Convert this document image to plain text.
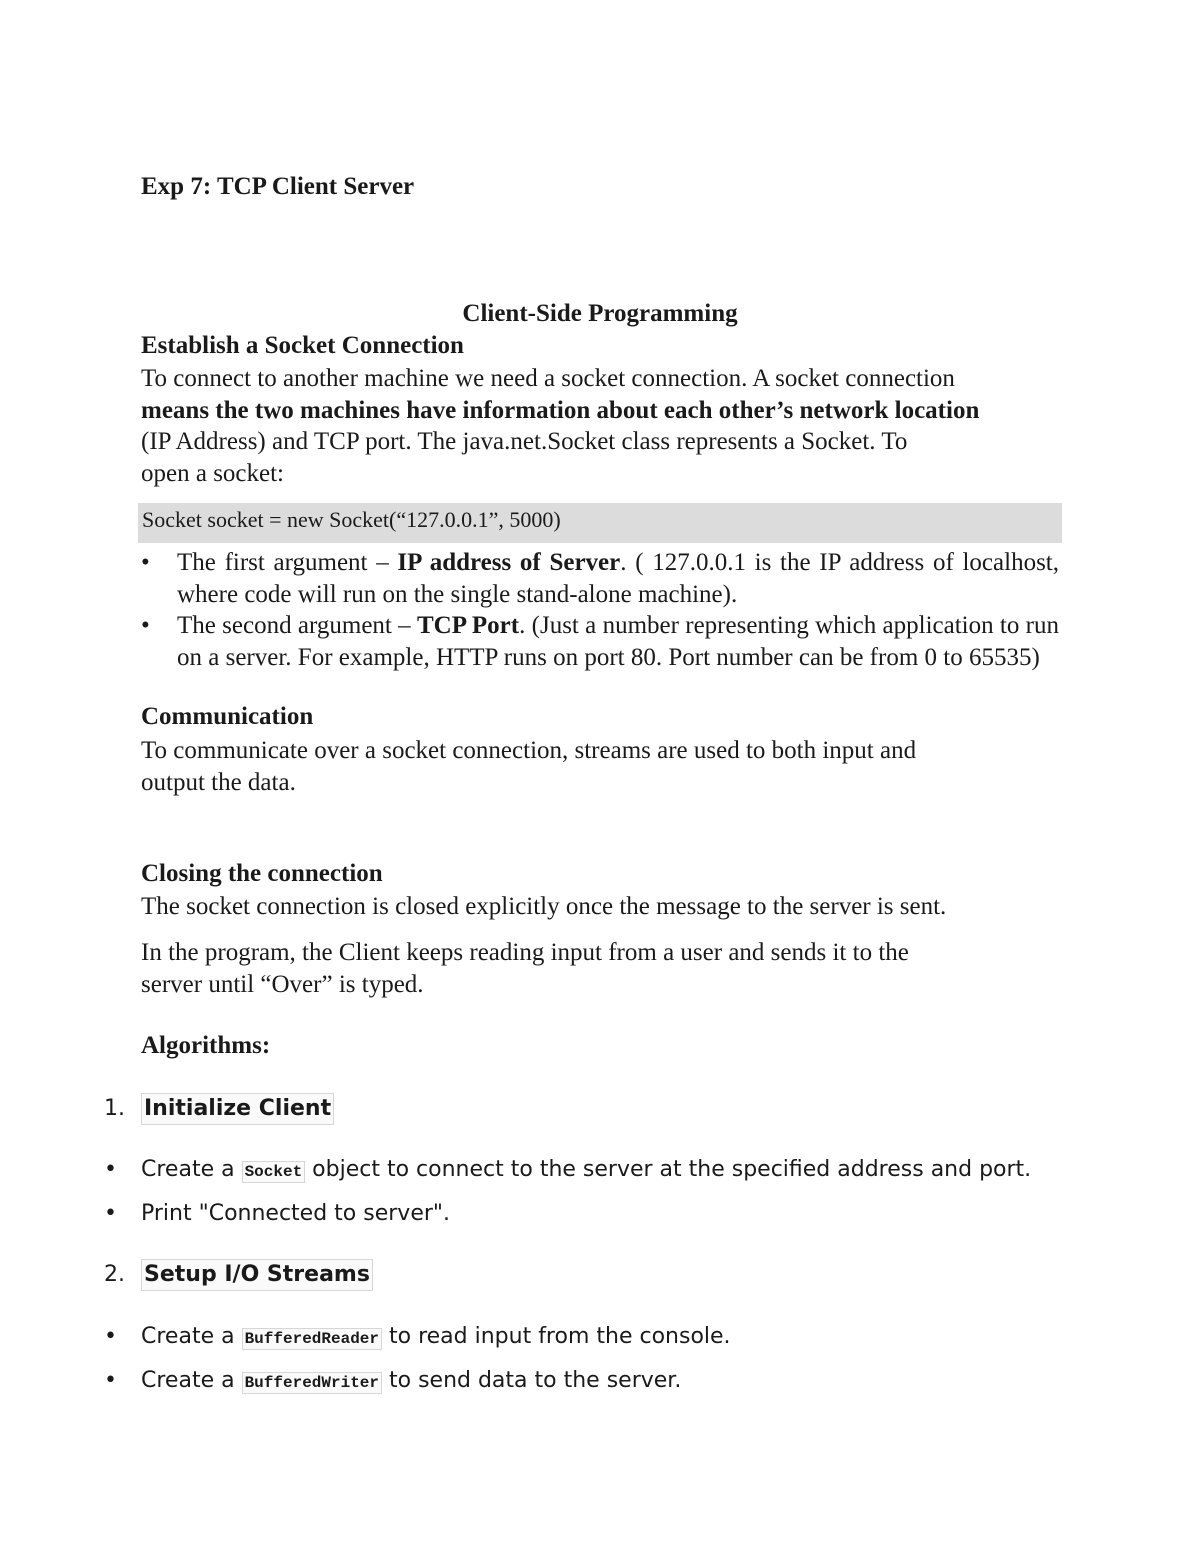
Exp 7: TCP Client Server
Client-Side Programming
Establish a Socket Connection
To connect to another machine we need a socket connection. A socket connection
means the two machines have information about each other’s network location
(IP Address) and TCP port. The java.net.Socket class represents a Socket. To
open a socket:
Socket socket = new Socket(“127.0.0.1”, 5000)
• The first argument – IP address of Server. ( 127.0.0.1 is the IP address of localhost, where code will run on the single stand-alone machine).
• The second argument – TCP Port. (Just a number representing which application to run on a server. For example, HTTP runs on port 80. Port number can be from 0 to 65535)
Communication
To communicate over a socket connection, streams are used to both input and
output the data.
Closing the connection
The socket connection is closed explicitly once the message to the server is sent.
In the program, the Client keeps reading input from a user and sends it to the
server until “Over” is typed.
Algorithms:
1. Initialize Client
• Create a Socket object to connect to the server at the specified address and port.
• Print "Connected to server".
2. Setup I/O Streams
• Create a BufferedReader to read input from the console.
• Create a BufferedWriter to send data to the server.
